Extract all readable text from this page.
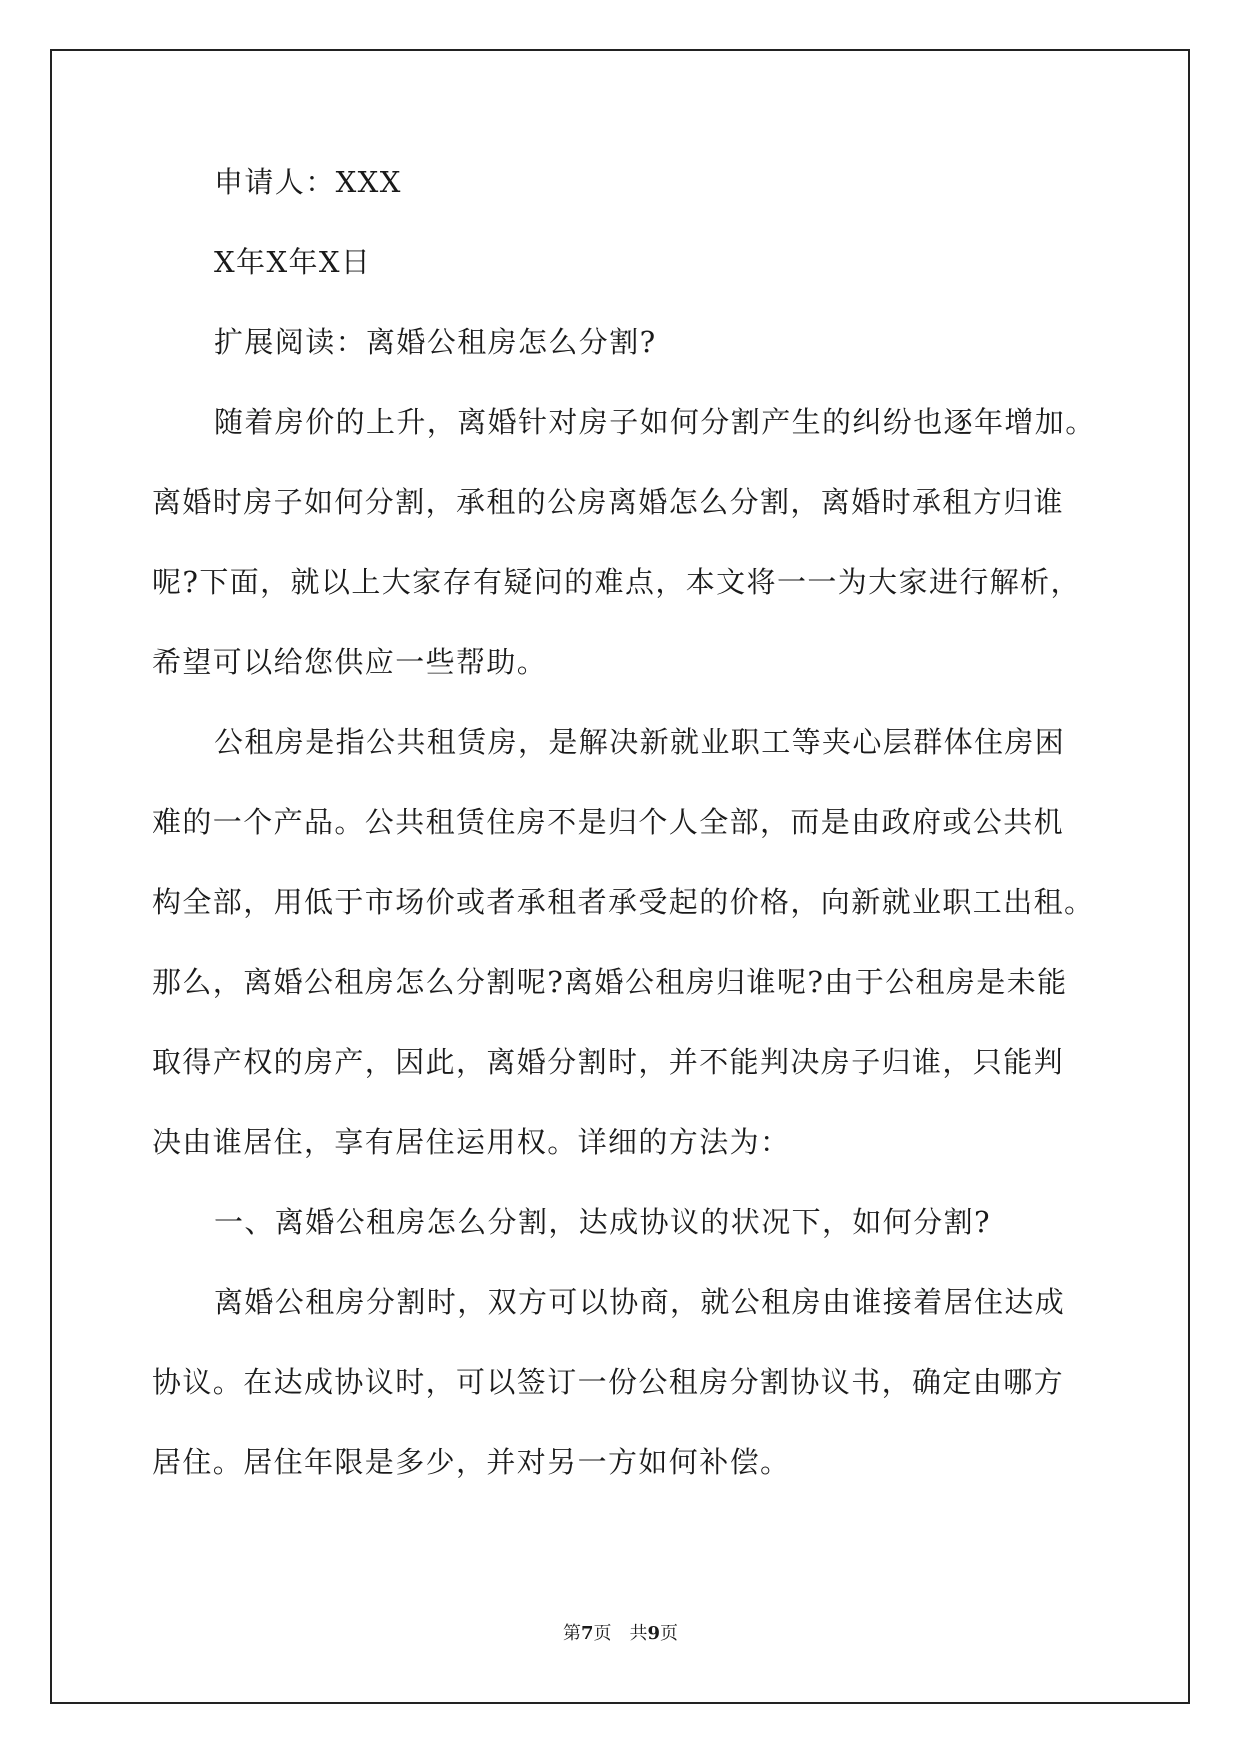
申请人：XXX
X年X年X日
扩展阅读：离婚公租房怎么分割?
随着房价的上升，离婚针对房子如何分割产生的纠纷也逐年增加。
离婚时房子如何分割，承租的公房离婚怎么分割，离婚时承租方归谁
呢?下面，就以上大家存有疑问的难点，本文将一一为大家进行解析，
希望可以给您供应一些帮助。
公租房是指公共租赁房，是解决新就业职工等夹心层群体住房困
难的一个产品。公共租赁住房不是归个人全部，而是由政府或公共机
构全部，用低于市场价或者承租者承受起的价格，向新就业职工出租。
那么，离婚公租房怎么分割呢?离婚公租房归谁呢?由于公租房是未能
取得产权的房产，因此，离婚分割时，并不能判决房子归谁，只能判
决由谁居住，享有居住运用权。详细的方法为：
一、离婚公租房怎么分割，达成协议的状况下，如何分割?
离婚公租房分割时，双方可以协商，就公租房由谁接着居住达成
协议。在达成协议时，可以签订一份公租房分割协议书，确定由哪方
居住。居住年限是多少，并对另一方如何补偿。
第7页 共9页
